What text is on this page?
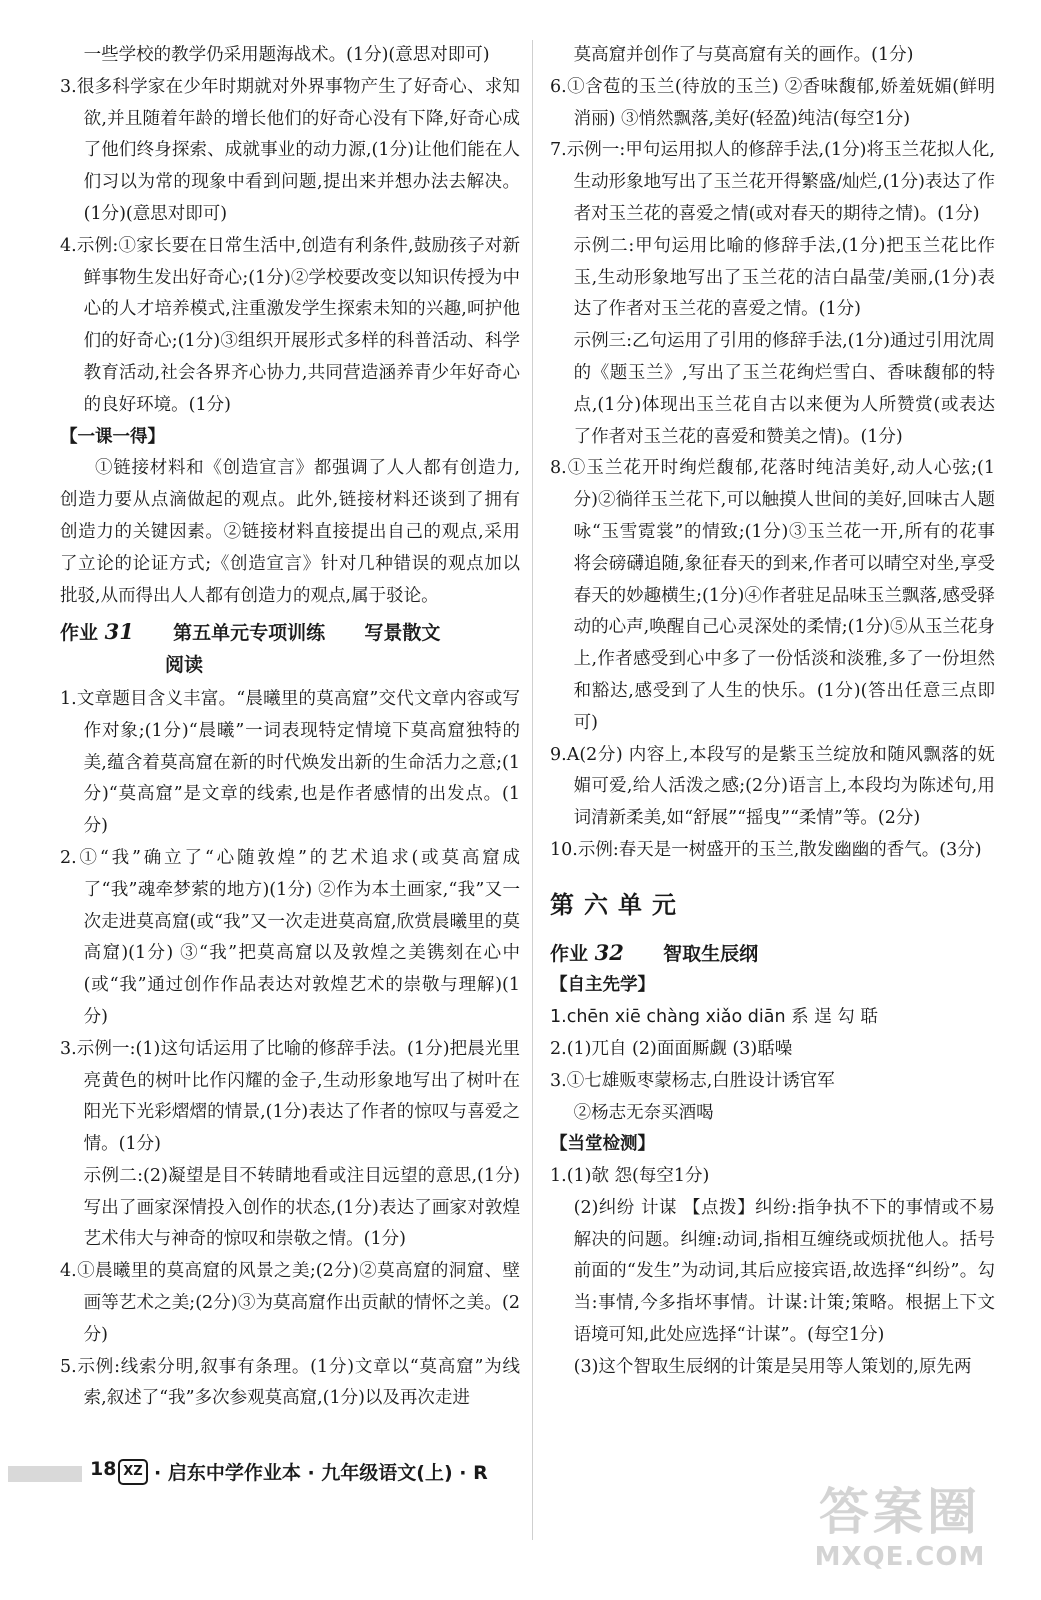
一些学校的教学仍采用题海战术。(1分)(意思对即可)

3.很多科学家在少年时期就对外界事物产生了好奇心、求知欲,并且随着年龄的增长他们的好奇心没有下降,好奇心成了他们终身探索、成就事业的动力源,(1分)让他们能在人们习以为常的现象中看到问题,提出来并想办法去解决。(1分)(意思对即可)

4.示例:①家长要在日常生活中,创造有利条件,鼓励孩子对新鲜事物生发出好奇心;(1分)②学校要改变以知识传授为中心的人才培养模式,注重激发学生探索未知的兴趣,呵护他们的好奇心;(1分)③组织开展形式多样的科普活动、科学教育活动,社会各界齐心协力,共同营造涵养青少年好奇心的良好环境。(1分)

【一课一得】

①链接材料和《创造宣言》都强调了人人都有创造力,创造力要从点滴做起的观点。此外,链接材料还谈到了拥有创造力的关键因素。②链接材料直接提出自己的观点,采用了立论的论证方式;《创造宣言》针对几种错误的观点加以批驳,从而得出人人都有创造力的观点,属于驳论。

作业 31 第五单元专项训练 写景散文

阅读

1.文章题目含义丰富。“晨曦里的莫高窟”交代文章内容或写作对象;(1分)“晨曦”一词表现特定情境下莫高窟独特的美,蕴含着莫高窟在新的时代焕发出新的生命活力之意;(1分)“莫高窟”是文章的线索,也是作者感情的出发点。(1分)

2.①“我”确立了“心随敦煌”的艺术追求(或莫高窟成了“我”魂牵梦萦的地方)(1分) ②作为本土画家,“我”又一次走进莫高窟(或“我”又一次走进莫高窟,欣赏晨曦里的莫高窟)(1分) ③“我”把莫高窟以及敦煌之美镌刻在心中(或“我”通过创作作品表达对敦煌艺术的崇敬与理解)(1分)

3.示例一:(1)这句话运用了比喻的修辞手法。(1分)把晨光里亮黄色的树叶比作闪耀的金子,生动形象地写出了树叶在阳光下光彩熠熠的情景,(1分)表达了作者的惊叹与喜爱之情。(1分)

示例二:(2)凝望是目不转睛地看或注目远望的意思,(1分)写出了画家深情投入创作的状态,(1分)表达了画家对敦煌艺术伟大与神奇的惊叹和崇敬之情。(1分)

4.①晨曦里的莫高窟的风景之美;(2分)②莫高窟的洞窟、壁画等艺术之美;(2分)③为莫高窟作出贡献的情怀之美。(2分)

5.示例:线索分明,叙事有条理。(1分)文章以“莫高窟”为线索,叙述了“我”多次参观莫高窟,(1分)以及再次走进

莫高窟并创作了与莫高窟有关的画作。(1分)

6.①含苞的玉兰(待放的玉兰) ②香味馥郁,娇羞妩媚(鲜明消丽) ③悄然飘落,美好(轻盈)纯洁(每空1分)

7.示例一:甲句运用拟人的修辞手法,(1分)将玉兰花拟人化,生动形象地写出了玉兰花开得繁盛/灿烂,(1分)表达了作者对玉兰花的喜爱之情(或对春天的期待之情)。(1分)

示例二:甲句运用比喻的修辞手法,(1分)把玉兰花比作玉,生动形象地写出了玉兰花的洁白晶莹/美丽,(1分)表达了作者对玉兰花的喜爱之情。(1分)

示例三:乙句运用了引用的修辞手法,(1分)通过引用沈周的《题玉兰》,写出了玉兰花绚烂雪白、香味馥郁的特点,(1分)体现出玉兰花自古以来便为人所赞赏(或表达了作者对玉兰花的喜爱和赞美之情)。(1分)

8.①玉兰花开时绚烂馥郁,花落时纯洁美好,动人心弦;(1分)②徜徉玉兰花下,可以触摸人世间的美好,回味古人题咏“玉雪霓裳”的情致;(1分)③玉兰花一开,所有的花事将会磅礴追随,象征春天的到来,作者可以晴空对坐,享受春天的妙趣横生;(1分)④作者驻足品味玉兰飘落,感受驿动的心声,唤醒自己心灵深处的柔情;(1分)⑤从玉兰花身上,作者感受到心中多了一份恬淡和淡雅,多了一份坦然和豁达,感受到了人生的快乐。(1分)(答出任意三点即可)

9.A(2分) 内容上,本段写的是紫玉兰绽放和随风飘落的妩媚可爱,给人活泼之感;(2分)语言上,本段均为陈述句,用词清新柔美,如“舒展”“摇曳”“柔情”等。(2分)

10.示例:春天是一树盛开的玉兰,散发幽幽的香气。(3分)

第六单元

作业 32 智取生辰纲

【自主先学】

1.chēn xiē chàng xiǎo diān 系 逞 勾 聒

2.(1)兀自 (2)面面厮觑 (3)聒噪

3.①七雄贩枣蒙杨志,白胜设计诱官军

②杨志无奈买酒喝

【当堂检测】

1.(1)欹 怨(每空1分)

(2)纠纷 计谋 【点拨】纠纷:指争执不下的事情或不易解决的问题。纠缠:动词,指相互缠绕或烦扰他人。括号前面的“发生”为动词,其后应接宾语,故选择“纠纷”。勾当:事情,今多指坏事情。计谋:计策;策略。根据上下文语境可知,此处应选择“计谋”。(每空1分)

(3)这个智取生辰纲的计策是吴用等人策划的,原先两

18 XZ · 启东中学作业本 · 九年级语文(上) · R
答案圈
MXQE.COM
